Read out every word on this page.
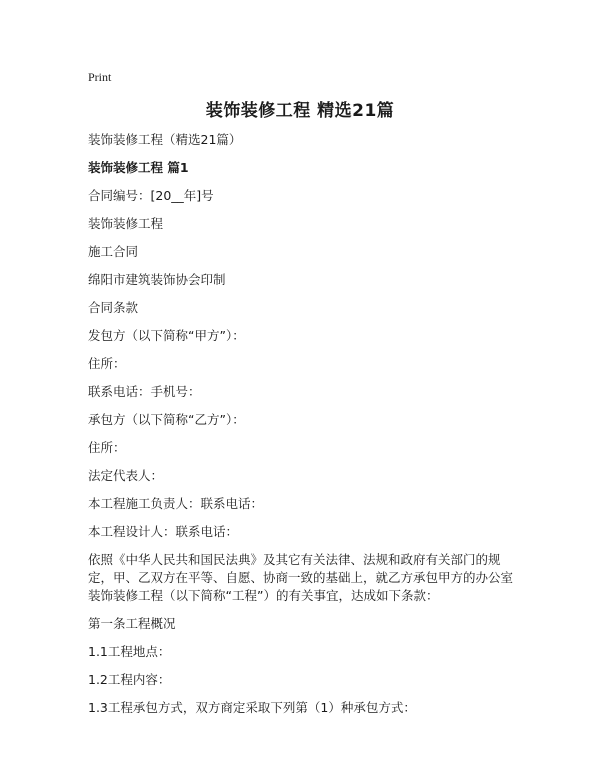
Print
装饰装修工程 精选21篇

装饰装修工程（精选21篇）

装饰装修工程 篇1

合同编号：[20__年]号

装饰装修工程

施工合同

绵阳市建筑装饰协会印制

合同条款

发包方（以下简称“甲方”）：

住所：

联系电话：手机号：

承包方（以下简称“乙方”）：

住所：

法定代表人：

本工程施工负责人：联系电话：

本工程设计人：联系电话：

依照《中华人民共和国民法典》及其它有关法律、法规和政府有关部门的规定，甲、乙双方在平等、自愿、协商一致的基础上，就乙方承包甲方的办公室装饰装修工程（以下简称“工程”）的有关事宜，达成如下条款：

第一条工程概况

1.1工程地点：

1.2工程内容：

1.3工程承包方式，双方商定采取下列第（1）种承包方式：
